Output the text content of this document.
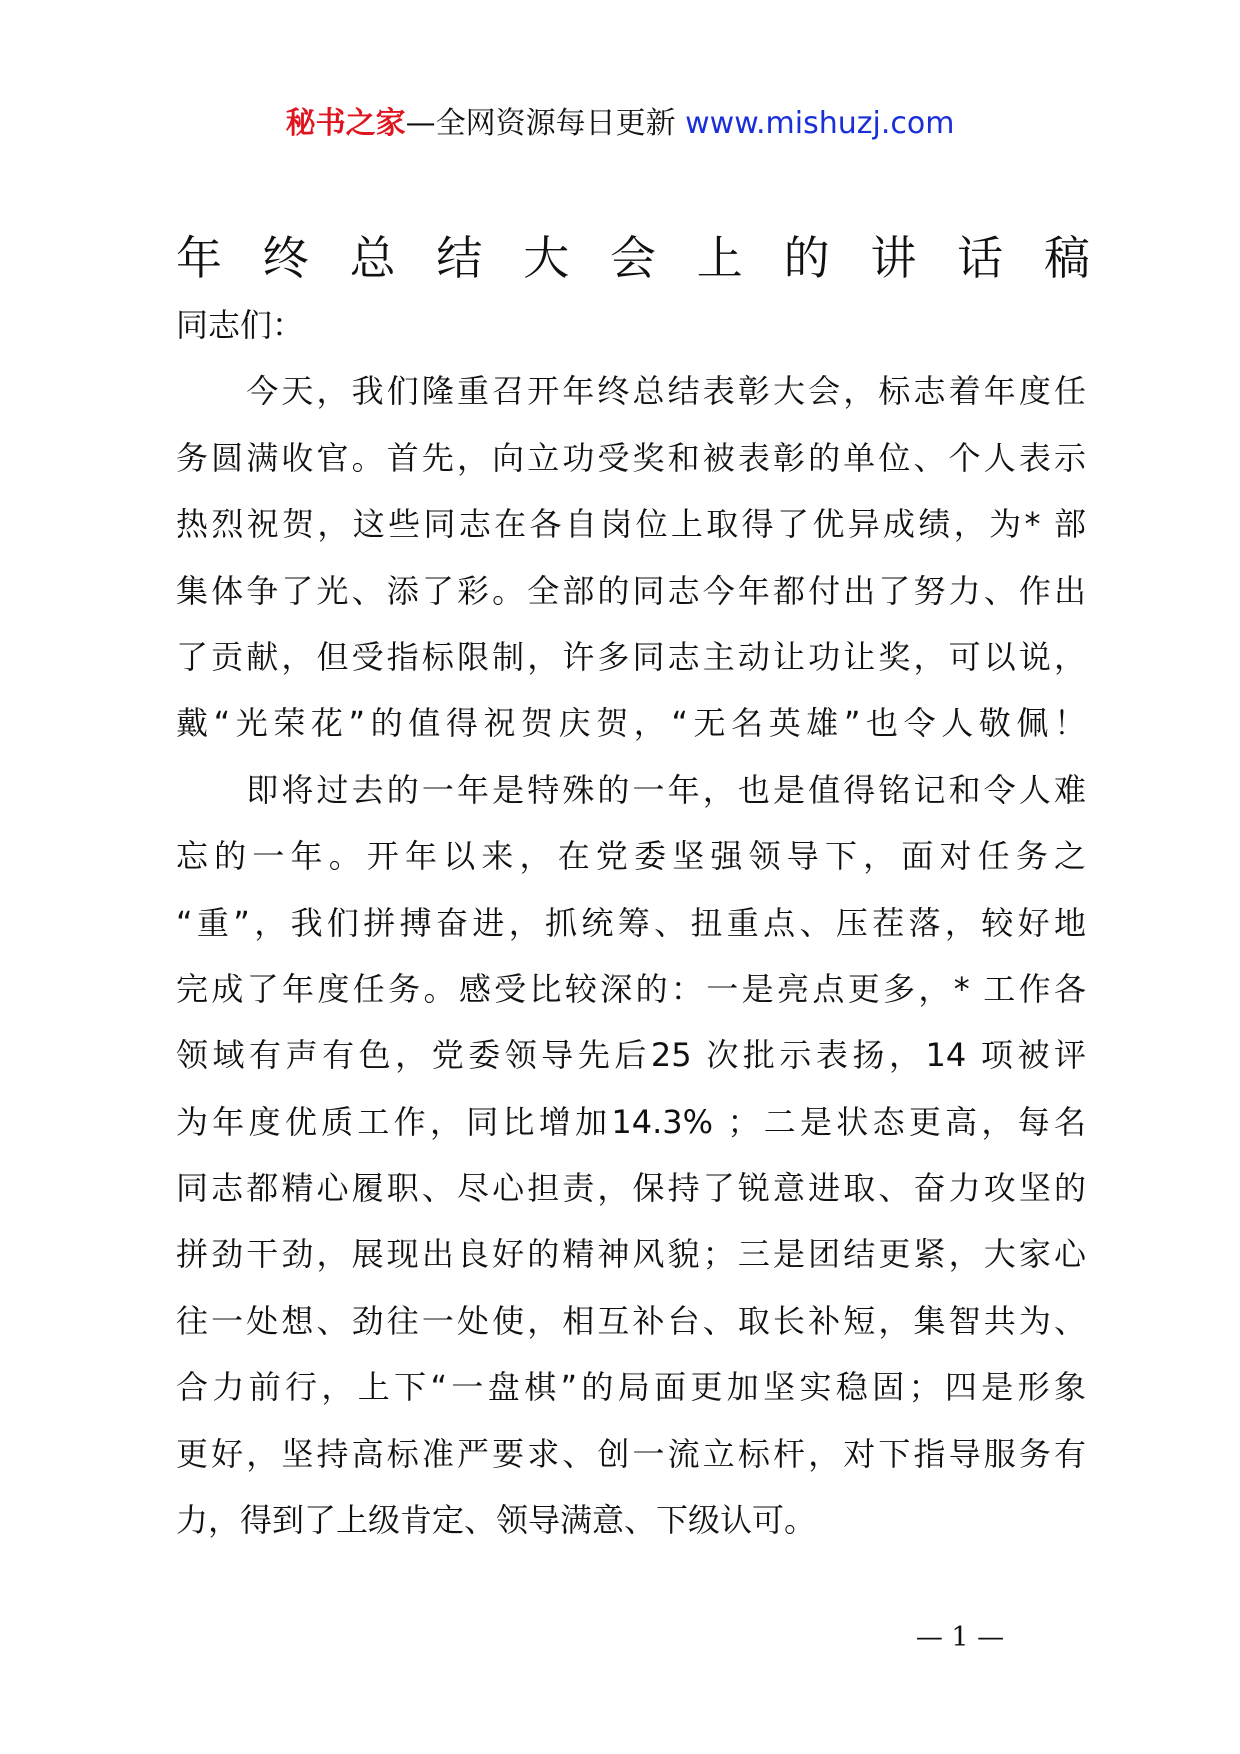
秘书之家—全网资源每日更新 www.mishuzj.com
年 终 总 结 大 会 上 的 讲 话 稿
同志们：
　　今天，我们隆重召开年终总结表彰大会，标志着年度任
务圆满收官。首先，向立功受奖和被表彰的单位、个人表示
热烈祝贺，这些同志在各自岗位上取得了优异成绩，为* 部
集体争了光、添了彩。全部的同志今年都付出了努力、作出
了贡献，但受指标限制，许多同志主动让功让奖，可以说，
戴“光荣花”的值得祝贺庆贺，“无名英雄”也令人敬佩！
　　即将过去的一年是特殊的一年，也是值得铭记和令人难
忘的一年。开年以来，在党委坚强领导下，面对任务之
“重”，我们拼搏奋进，抓统筹、扭重点、压茬落，较好地
完成了年度任务。感受比较深的：一是亮点更多，* 工作各
领域有声有色，党委领导先后25 次批示表扬，14 项被评
为年度优质工作，同比增加14.3% ；二是状态更高，每名
同志都精心履职、尽心担责，保持了锐意进取、奋力攻坚的
拼劲干劲，展现出良好的精神风貌；三是团结更紧，大家心
往一处想、劲往一处使，相互补台、取长补短，集智共为、
合力前行，上下“一盘棋”的局面更加坚实稳固；四是形象
更好，坚持高标准严要求、创一流立标杆，对下指导服务有
力，得到了上级肯定、领导满意、下级认可。
— 1 —
